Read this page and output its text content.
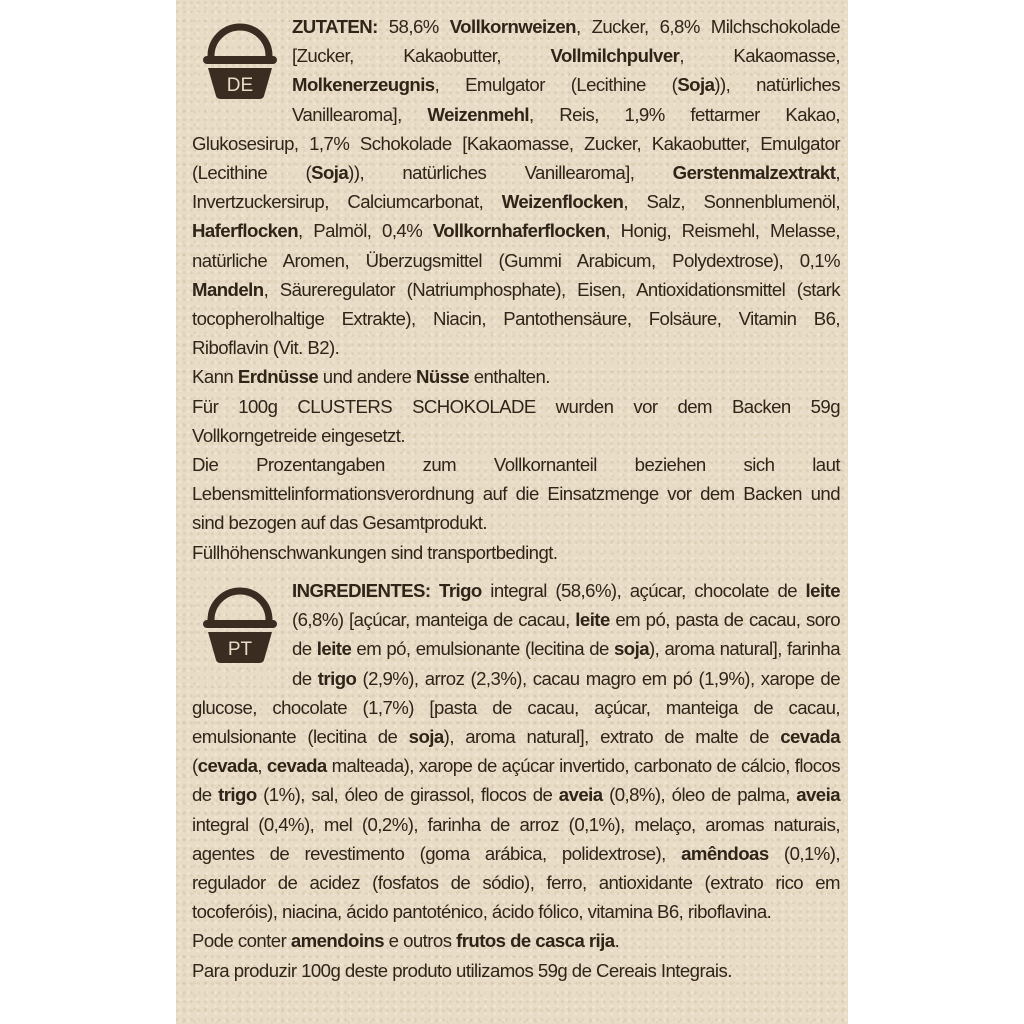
DE
ZUTATEN: 58,6% Vollkornweizen, Zucker, 6,8% Milchschokolade [Zucker, Kakaobutter, Vollmilchpulver, Kakaomasse, Molkenerzeugnis, Emulgator (Lecithine (Soja)), natürliches Vanillearoma], Weizenmehl, Reis, 1,9% fettarmer Kakao, Glukosesirup, 1,7% Schokolade [Kakaomasse, Zucker, Kakaobutter, Emulgator (Lecithine (Soja)), natürliches Vanillearoma], Gerstenmalzextrakt, Invertzuckersirup, Calciumcarbonat, Weizenflocken, Salz, Sonnenblumenöl, Haferflocken, Palmöl, 0,4% Vollkornhaferflocken, Honig, Reismehl, Melasse, natürliche Aromen, Überzugsmittel (Gummi Arabicum, Polydextrose), 0,1% Mandeln, Säureregulator (Natriumphosphate), Eisen, Antioxidationsmittel (stark tocopherolhaltige Extrakte), Niacin, Pantothensäure, Folsäure, Vitamin B6, Riboflavin (Vit. B2).
Kann Erdnüsse und andere Nüsse enthalten.
Für 100g CLUSTERS SCHOKOLADE wurden vor dem Backen 59g Vollkorngetreide eingesetzt.
Die Prozentangaben zum Vollkornanteil beziehen sich laut Lebensmittelinformationsverordnung auf die Einsatzmenge vor dem Backen und sind bezogen auf das Gesamtprodukt.
Füllhöhenschwankungen sind transportbedingt.
PT
INGREDIENTES: Trigo integral (58,6%), açúcar, chocolate de leite (6,8%) [açúcar, manteiga de cacau, leite em pó, pasta de cacau, soro de leite em pó, emulsionante (lecitina de soja), aroma natural], farinha de trigo (2,9%), arroz (2,3%), cacau magro em pó (1,9%), xarope de glucose, chocolate (1,7%) [pasta de cacau, açúcar, manteiga de cacau, emulsionante (lecitina de soja), aroma natural], extrato de malte de cevada (cevada, cevada malteada), xarope de açúcar invertido, carbonato de cálcio, flocos de trigo (1%), sal, óleo de girassol, flocos de aveia (0,8%), óleo de palma, aveia integral (0,4%), mel (0,2%), farinha de arroz (0,1%), melaço, aromas naturais, agentes de revestimento (goma arábica, polidextrose), amêndoas (0,1%), regulador de acidez (fosfatos de sódio), ferro, antioxidante (extrato rico em tocoferóis), niacina, ácido pantoténico, ácido fólico, vitamina B6, riboflavina.
Pode conter amendoins e outros frutos de casca rija.
Para produzir 100g deste produto utilizamos 59g de Cereais Integrais.
